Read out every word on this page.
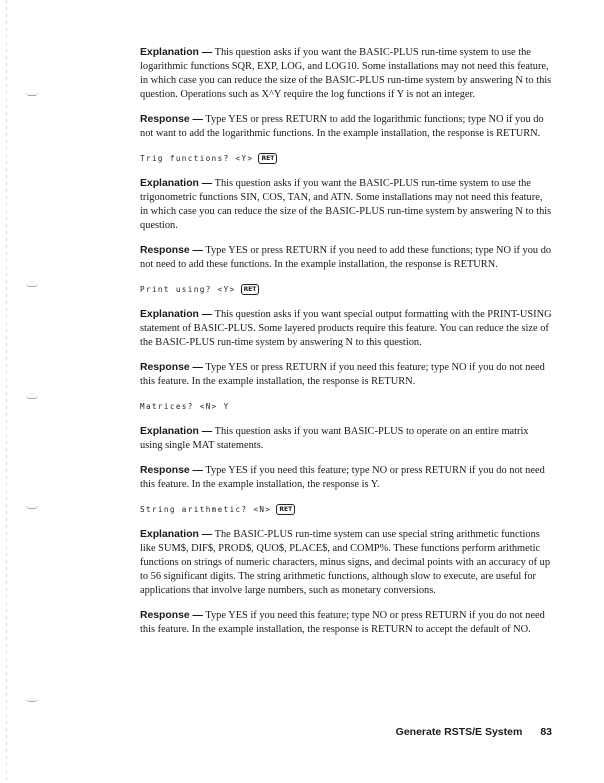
Explanation — This question asks if you want the BASIC-PLUS run-time system to use the logarithmic functions SQR, EXP, LOG, and LOG10. Some installations may not need this feature, in which case you can reduce the size of the BASIC-PLUS run-time system by answering N to this question. Operations such as X^Y require the log functions if Y is not an integer.

Response — Type YES or press RETURN to add the logarithmic functions; type NO if you do not want to add the logarithmic functions. In the example installation, the response is RETURN.

Trig functions? <Y>	RET

Explanation — This question asks if you want the BASIC-PLUS run-time system to use the trigonometric functions SIN, COS, TAN, and ATN. Some installations may not need this feature, in which case you can reduce the size of the BASIC-PLUS run-time system by answering N to this question.

Response — Type YES or press RETURN if you need to add these functions; type NO if you do not need to add these functions. In the example installation, the response is RETURN.

Print using? <Y>	RET

Explanation — This question asks if you want special output formatting with the PRINT-USING statement of BASIC-PLUS. Some layered products require this feature. You can reduce the size of the BASIC-PLUS run-time system by answering N to this question.

Response — Type YES or press RETURN if you need this feature; type NO if you do not need this feature. In the example installation, the response is RETURN.

Matrices? <N> Y

Explanation — This question asks if you want BASIC-PLUS to operate on an entire matrix using single MAT statements.

Response — Type YES if you need this feature; type NO or press RETURN if you do not need this feature. In the example installation, the response is Y.

String arithmetic? <N>	RET

Explanation — The BASIC-PLUS run-time system can use special string arithmetic functions like SUM$, DIF$, PROD$, QUO$, PLACE$, and COMP%. These functions perform arithmetic functions on strings of numeric characters, minus signs, and decimal points with an accuracy of up to 56 significant digits. The string arithmetic functions, although slow to execute, are useful for applications that involve large numbers, such as monetary conversions.

Response — Type YES if you need this feature; type NO or press RETURN if you do not need this feature. In the example installation, the response is RETURN to accept the default of NO.

Generate RSTS/E System 83
